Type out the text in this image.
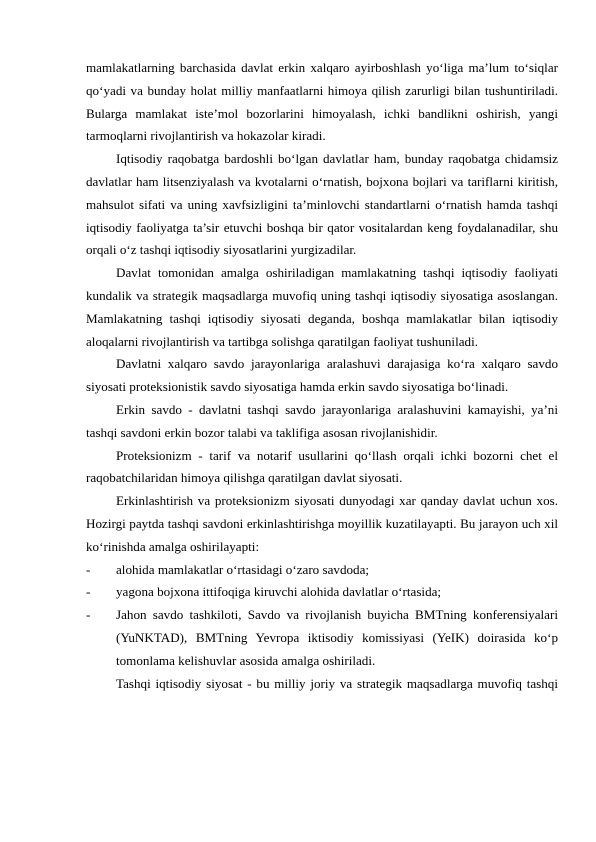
mamlakatlarning barchasida davlat erkin xalqaro ayirboshlash yo‘liga ma’lum to‘siqlar qo‘yadi va bunday holat milliy manfaatlarni himoya qilish zarurligi bilan tushuntiriladi. Bularga mamlakat iste’mol bozorlarini himoyalash, ichki bandlikni oshirish, yangi tarmoqlarni rivojlantirish va hokazolar kiradi.

Iqtisodiy raqobatga bardoshli bo‘lgan davlatlar ham, bunday raqobatga chidamsiz davlatlar ham litsenziyalash va kvotalarni o‘rnatish, bojxona bojlari va tariflarni kiritish, mahsulot sifati va uning xavfsizligini ta’minlovchi standartlarni o‘rnatish hamda tashqi iqtisodiy faoliyatga ta’sir etuvchi boshqa bir qator vositalardan keng foydalanadilar, shu orqali o‘z tashqi iqtisodiy siyosatlarini yurgizadilar.

Davlat tomonidan amalga oshiriladigan mamlakatning tashqi iqtisodiy faoliyati kundalik va strategik maqsadlarga muvofiq uning tashqi iqtisodiy siyosatiga asoslangan. Mamlakatning tashqi iqtisodiy siyosati deganda, boshqa mamlakatlar bilan iqtisodiy aloqalarni rivojlantirish va tartibga solishga qaratilgan faoliyat tushuniladi.

Davlatni xalqaro savdo jarayonlariga aralashuvi darajasiga ko‘ra xalqaro savdo siyosati proteksionistik savdo siyosatiga hamda erkin savdo siyosatiga bo‘linadi.

Erkin savdo - davlatni tashqi savdo jarayonlariga aralashuvini kamayishi, ya’ni tashqi savdoni erkin bozor talabi va taklifiga asosan rivojlanishidir.

Proteksionizm - tarif va notarif usullarini qo‘llash orqali ichki bozorni chet el raqobatchilaridan himoya qilishga qaratilgan davlat siyosati.

Erkinlashtirish va proteksionizm siyosati dunyodagi xar qanday davlat uchun xos. Hozirgi paytda tashqi savdoni erkinlashtirishga moyillik kuzatilayapti. Bu jarayon uch xil ko‘rinishda amalga oshirilayapti:

-	alohida mamlakatlar o‘rtasidagi o‘zaro savdoda;
-	yagona bojxona ittifoqiga kiruvchi alohida davlatlar o‘rtasida;
-	Jahon savdo tashkiloti, Savdo va rivojlanish buyicha BMTning konferensiyalari (YuNKTAD), BMTning Yevropa iktisodiy komissiyasi (YeIK) doirasida ko‘p tomonlama kelishuvlar asosida amalga oshiriladi.

Tashqi iqtisodiy siyosat - bu milliy joriy va strategik maqsadlarga muvofiq tashqi
